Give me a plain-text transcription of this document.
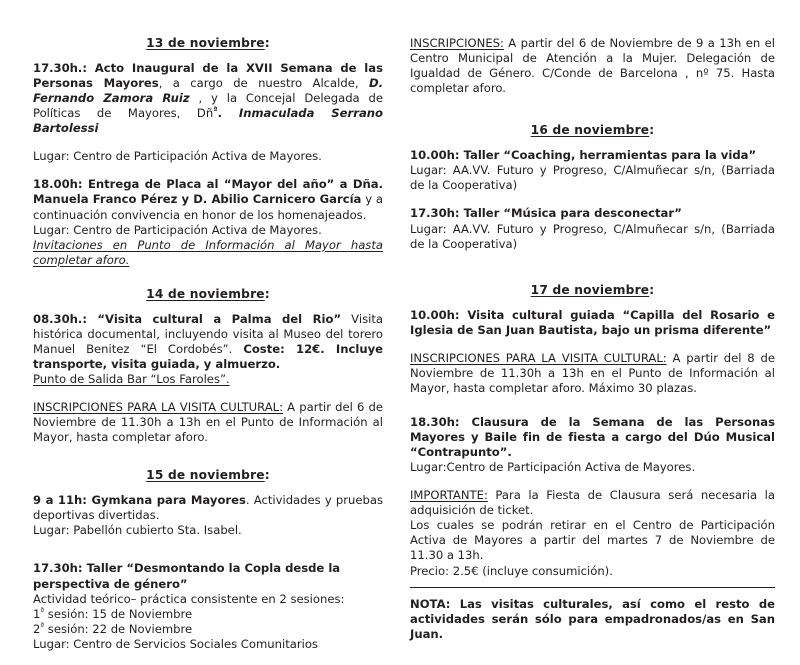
13 de noviembre:
17.30h.: Acto Inaugural de la XVII Semana de las Personas Mayores, a cargo de nuestro Alcalde, D. Fernando Zamora Ruiz , y la Concejal Delegada de Políticas de Mayores, $Dñ^ª$. Inmaculada Serrano Bartolessi
Lugar: Centro de Participación Activa de Mayores.
18.00h: Entrega de Placa al “Mayor del año” a Dña. Manuela Franco Pérez y D. Abilio Carnicero García y a continuación convivencia en honor de los homenajeados.
Lugar: Centro de Participación Activa de Mayores.
Invitaciones en Punto de Información al Mayor hasta completar aforo.
14 de noviembre:
08.30h.: “Visita cultural a Palma del Rio” Visita histórica documental, incluyendo visita al Museo del torero Manuel Benitez “El Cordobés”. Coste: 12€. Incluye transporte, visita guiada, y almuerzo.
Punto de Salida Bar “Los Faroles”.
INSCRIPCIONES PARA LA VISITA CULTURAL: A partir del 6 de Noviembre de 11.30h a 13h en el Punto de Información al Mayor, hasta completar aforo.
15 de noviembre:
9 a 11h: Gymkana para Mayores. Actividades y pruebas deportivas divertidas.
Lugar: Pabellón cubierto Sta. Isabel.
17.30h: Taller “Desmontando la Copla desde la perspectiva de género”
Actividad teórico– práctica consistente en 2 sesiones:
$1^ª$ sesión: 15 de Noviembre
$2^ª$ sesión: 22 de Noviembre
Lugar: Centro de Servicios Sociales Comunitarios
INSCRIPCIONES: A partir del 6 de Noviembre de 9 a 13h en el Centro Municipal de Atención a la Mujer. Delegación de Igualdad de Género. C/Conde de Barcelona , nº 75. Hasta completar aforo.
16 de noviembre:
10.00h: Taller “Coaching, herramientas para la vida”
Lugar: AA.VV. Futuro y Progreso, C/Almuñecar s/n, (Barriada de la Cooperativa)
17.30h: Taller “Música para desconectar”
Lugar: AA.VV. Futuro y Progreso, C/Almuñecar s/n, (Barriada de la Cooperativa)
17 de noviembre:
10.00h: Visita cultural guiada “Capilla del Rosario e Iglesia de San Juan Bautista, bajo un prisma diferente”
INSCRIPCIONES PARA LA VISITA CULTURAL: A partir del 8 de Noviembre de 11.30h a 13h en el Punto de Información al Mayor, hasta completar aforo. Máximo 30 plazas.
18.30h: Clausura de la Semana de las Personas Mayores y Baile fin de fiesta a cargo del Dúo Musical “Contrapunto”.
Lugar:Centro de Participación Activa de Mayores.
IMPORTANTE: Para la Fiesta de Clausura será necesaria la adquisición de ticket.
Los cuales se podrán retirar en el Centro de Participación Activa de Mayores a partir del martes 7 de Noviembre de 11.30 a 13h.
Precio: 2.5€ (incluye consumición).
NOTA: Las visitas culturales, así como el resto de actividades serán sólo para empadronados/as en San Juan.
